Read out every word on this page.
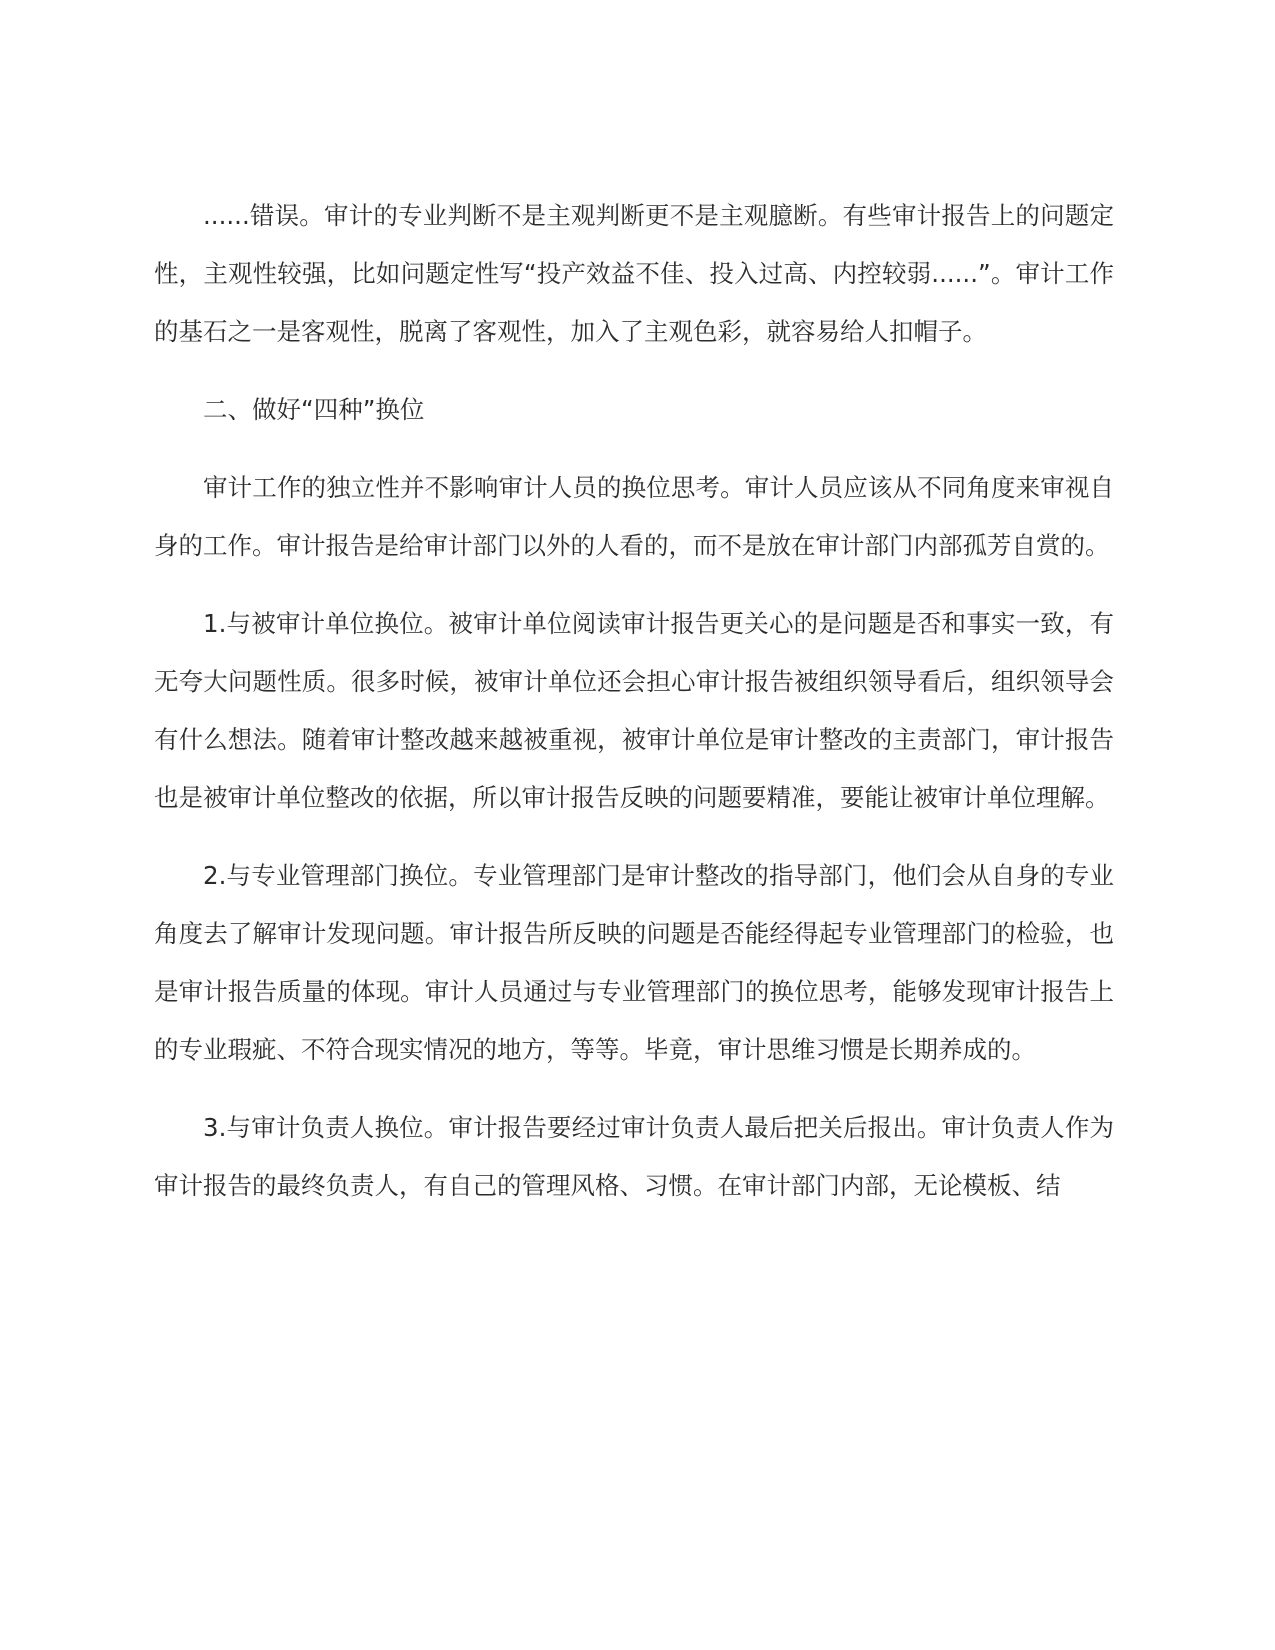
......错误。审计的专业判断不是主观判断更不是主观臆断。有些审计报告上的问题定性，主观性较强，比如问题定性写“投产效益不佳、投入过高、内控较弱......”。审计工作的基石之一是客观性，脱离了客观性，加入了主观色彩，就容易给人扣帽子。

二、做好“四种”换位

审计工作的独立性并不影响审计人员的换位思考。审计人员应该从不同角度来审视自身的工作。审计报告是给审计部门以外的人看的，而不是放在审计部门内部孤芳自赏的。

1.与被审计单位换位。被审计单位阅读审计报告更关心的是问题是否和事实一致，有无夸大问题性质。很多时候，被审计单位还会担心审计报告被组织领导看后，组织领导会有什么想法。随着审计整改越来越被重视，被审计单位是审计整改的主责部门，审计报告也是被审计单位整改的依据，所以审计报告反映的问题要精准，要能让被审计单位理解。

2.与专业管理部门换位。专业管理部门是审计整改的指导部门，他们会从自身的专业角度去了解审计发现问题。审计报告所反映的问题是否能经得起专业管理部门的检验，也是审计报告质量的体现。审计人员通过与专业管理部门的换位思考，能够发现审计报告上的专业瑕疵、不符合现实情况的地方，等等。毕竟，审计思维习惯是长期养成的。

3.与审计负责人换位。审计报告要经过审计负责人最后把关后报出。审计负责人作为审计报告的最终负责人，有自己的管理风格、习惯。在审计部门内部，无论模板、结
